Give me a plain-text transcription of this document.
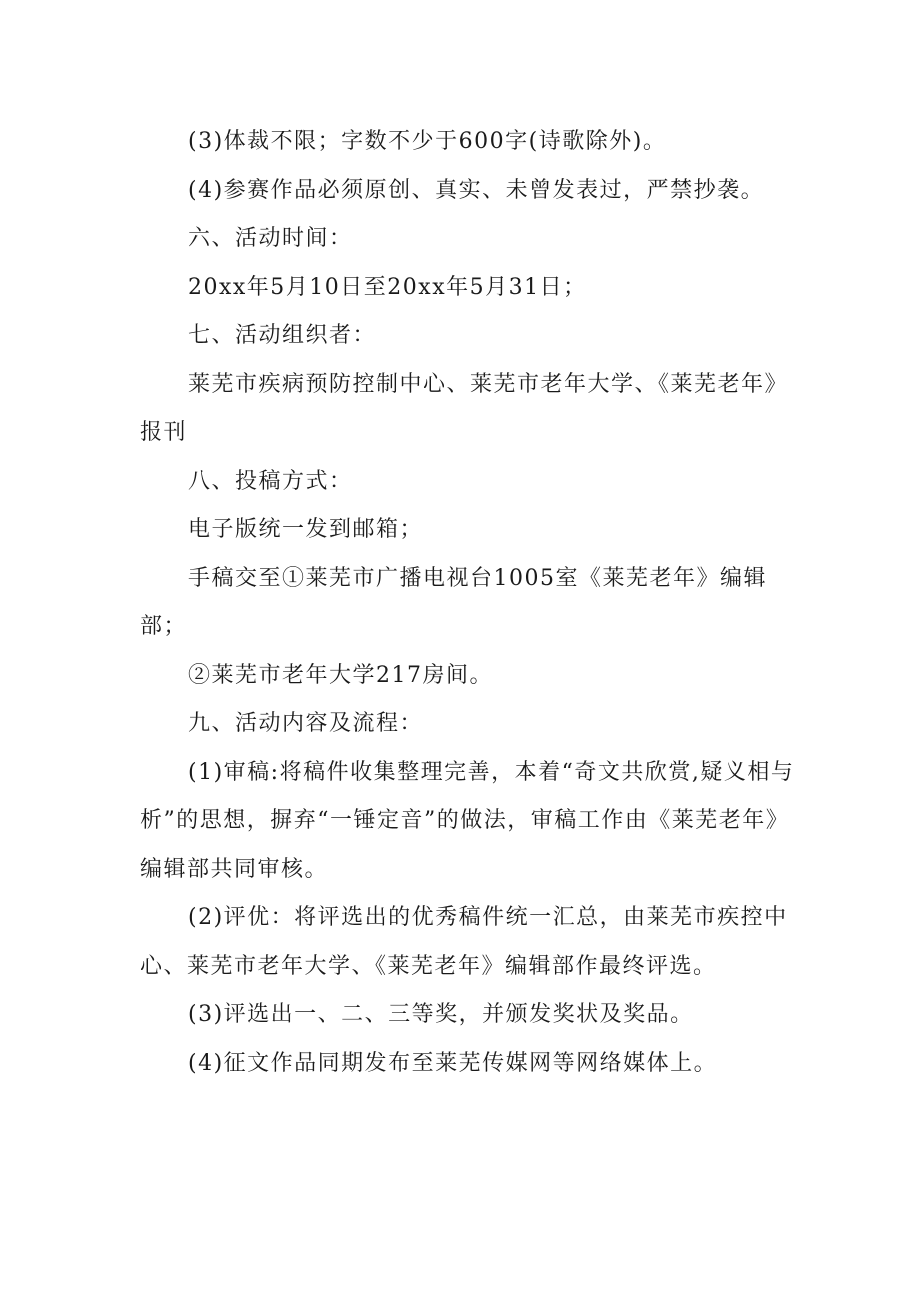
(3)体裁不限；字数不少于600字(诗歌除外)。

(4)参赛作品必须原创、真实、未曾发表过，严禁抄袭。

六、活动时间：

20xx年5月10日至20xx年5月31日；

七、活动组织者：

莱芜市疾病预防控制中心、莱芜市老年大学、《莱芜老年》报刊

八、投稿方式：

电子版统一发到邮箱；

手稿交至①莱芜市广播电视台1005室《莱芜老年》编辑部；

②莱芜市老年大学217房间。

九、活动内容及流程：

(1)审稿:将稿件收集整理完善，本着“奇文共欣赏,疑义相与析”的思想，摒弃“一锤定音”的做法，审稿工作由《莱芜老年》编辑部共同审核。

(2)评优：将评选出的优秀稿件统一汇总，由莱芜市疾控中心、莱芜市老年大学、《莱芜老年》编辑部作最终评选。

(3)评选出一、二、三等奖，并颁发奖状及奖品。

(4)征文作品同期发布至莱芜传媒网等网络媒体上。
